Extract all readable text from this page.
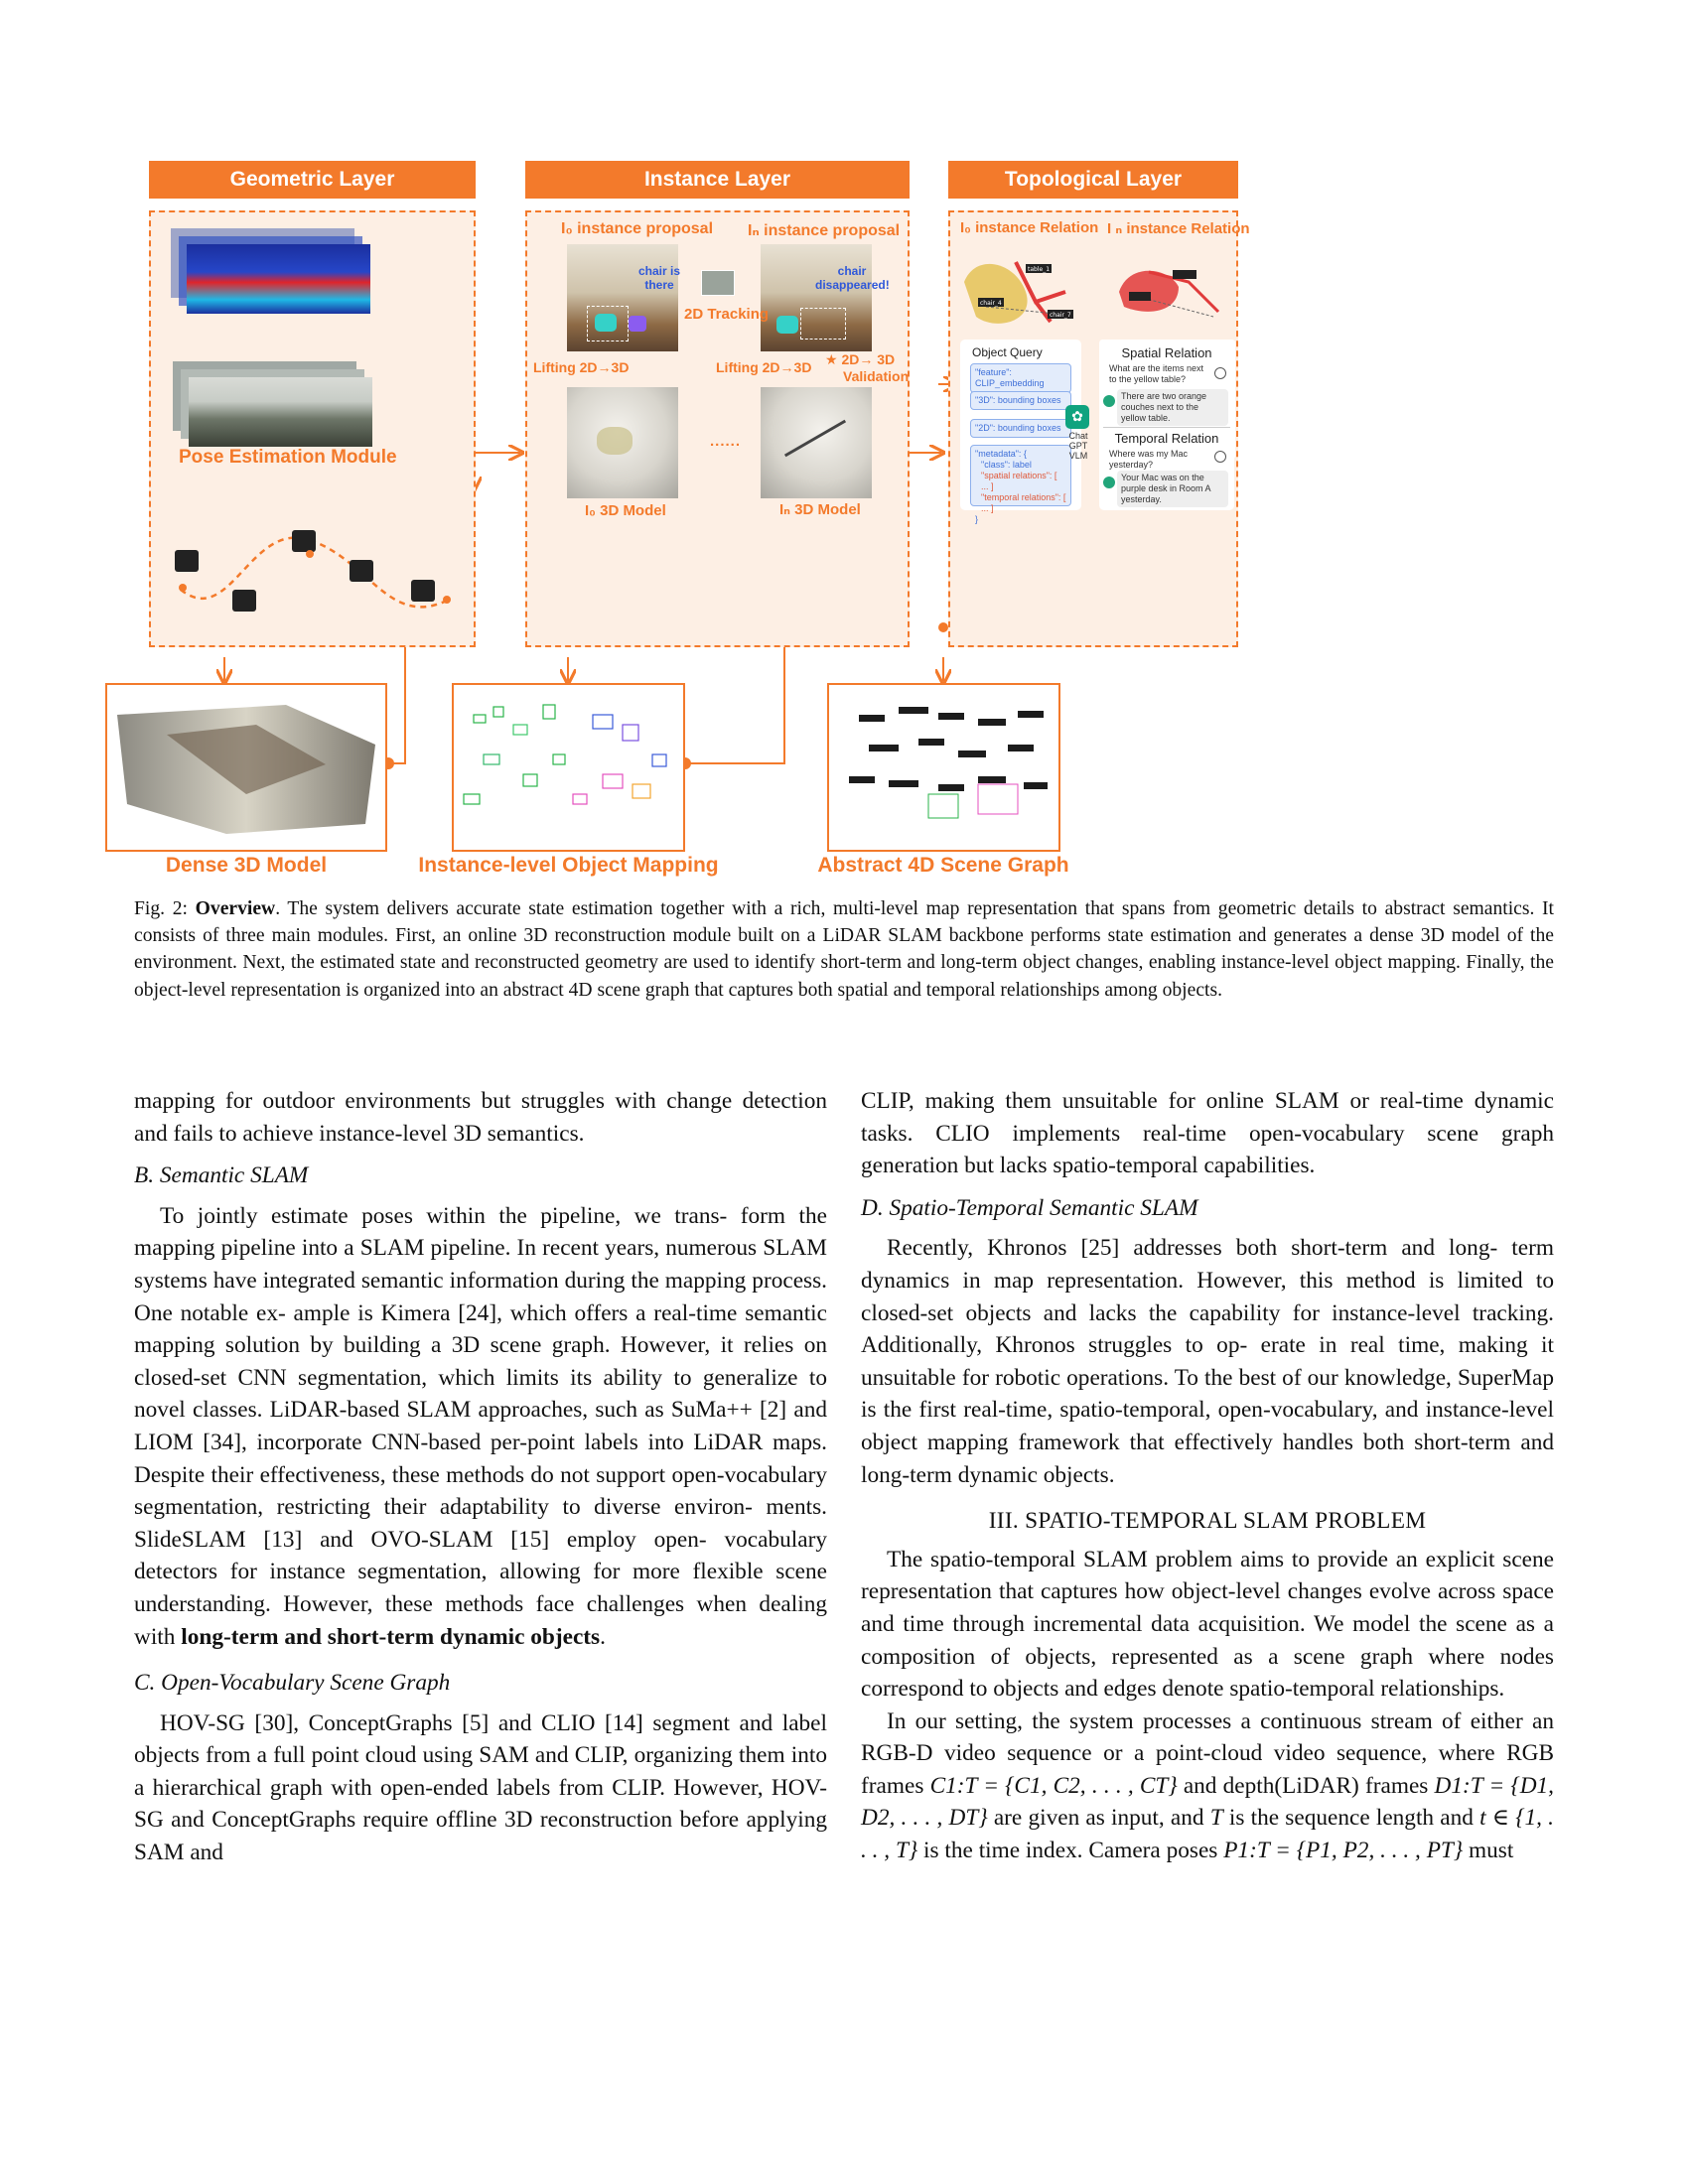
Geometric Layer	Instance Layer	Topological Layer
Pose Estimation Module
I₀ instance proposal Iₙ instance proposal
chair is there
chair disappeared!
2D Tracking
Lifting 2D→3D	Lifting 2D→3D ★ 2D→ 3D
Validation
......
I₀ 3D Model	Iₙ 3D Model
I₀ instance Relation I ₙ instance Relation
table_1
chair_4
chair_7
Object Query
"feature": CLIP_embedding
"3D": bounding boxes
"2D": bounding boxes
"metadata": {
"class": label
"spatial relations": [ ... ]
"temporal relations": [ ... ]
}
✿
Chat
GPT
VLM
Spatial Relation
What are the items next to the yellow table?
There are two orange couches next to the yellow table.
Temporal Relation
Where was my Mac yesterday?
Your Mac was on the purple desk in Room A yesterday.
Dense 3D Model	Instance-level Object Mapping	Abstract 4D Scene Graph
Fig. 2: Overview. The system delivers accurate state estimation together with a rich, multi-level map representation that spans from geometric details to abstract semantics. It consists of three main modules. First, an online 3D reconstruction module built on a LiDAR SLAM backbone performs state estimation and generates a dense 3D model of the environment. Next, the estimated state and reconstructed geometry are used to identify short-term and long-term object changes, enabling instance-level object mapping. Finally, the object-level representation is organized into an abstract 4D scene graph that captures both spatial and temporal relationships among objects.

mapping for outdoor environments but struggles with change detection and fails to achieve instance-level 3D semantics.

B. Semantic SLAM

To jointly estimate poses within the pipeline, we trans- form the mapping pipeline into a SLAM pipeline. In recent years, numerous SLAM systems have integrated semantic information during the mapping process. One notable ex- ample is Kimera [24], which offers a real-time semantic mapping solution by building a 3D scene graph. However, it relies on closed-set CNN segmentation, which limits its ability to generalize to novel classes. LiDAR-based SLAM approaches, such as SuMa++ [2] and LIOM [34], incorporate CNN-based per-point labels into LiDAR maps. Despite their effectiveness, these methods do not support open-vocabulary segmentation, restricting their adaptability to diverse environ- ments. SlideSLAM [13] and OVO-SLAM [15] employ open- vocabulary detectors for instance segmentation, allowing for more flexible scene understanding. However, these methods face challenges when dealing with long-term and short-term dynamic objects.

C. Open-Vocabulary Scene Graph

HOV-SG [30], ConceptGraphs [5] and CLIO [14] segment and label objects from a full point cloud using SAM and CLIP, organizing them into a hierarchical graph with open-ended labels from CLIP. However, HOV-SG and ConceptGraphs require offline 3D reconstruction before applying SAM and

CLIP, making them unsuitable for online SLAM or real-time dynamic tasks. CLIO implements real-time open-vocabulary scene graph generation but lacks spatio-temporal capabilities.

D. Spatio-Temporal Semantic SLAM

Recently, Khronos [25] addresses both short-term and long- term dynamics in map representation. However, this method is limited to closed-set objects and lacks the capability for instance-level tracking. Additionally, Khronos struggles to op- erate in real time, making it unsuitable for robotic operations. To the best of our knowledge, SuperMap is the first real-time, spatio-temporal, open-vocabulary, and instance-level object mapping framework that effectively handles both short-term and long-term dynamic objects.

III. SPATIO-TEMPORAL SLAM PROBLEM

The spatio-temporal SLAM problem aims to provide an explicit scene representation that captures how object-level changes evolve across space and time through incremental data acquisition. We model the scene as a composition of objects, represented as a scene graph where nodes correspond to objects and edges denote spatio-temporal relationships.

In our setting, the system processes a continuous stream of either an RGB-D video sequence or a point-cloud video sequence, where RGB frames C1:T = {C1, C2, . . . , CT} and depth(LiDAR) frames D1:T = {D1, D2, . . . , DT} are given as input, and T is the sequence length and t ∈ {1, . . . , T} is the time index. Camera poses P1:T = {P1, P2, . . . , PT} must
